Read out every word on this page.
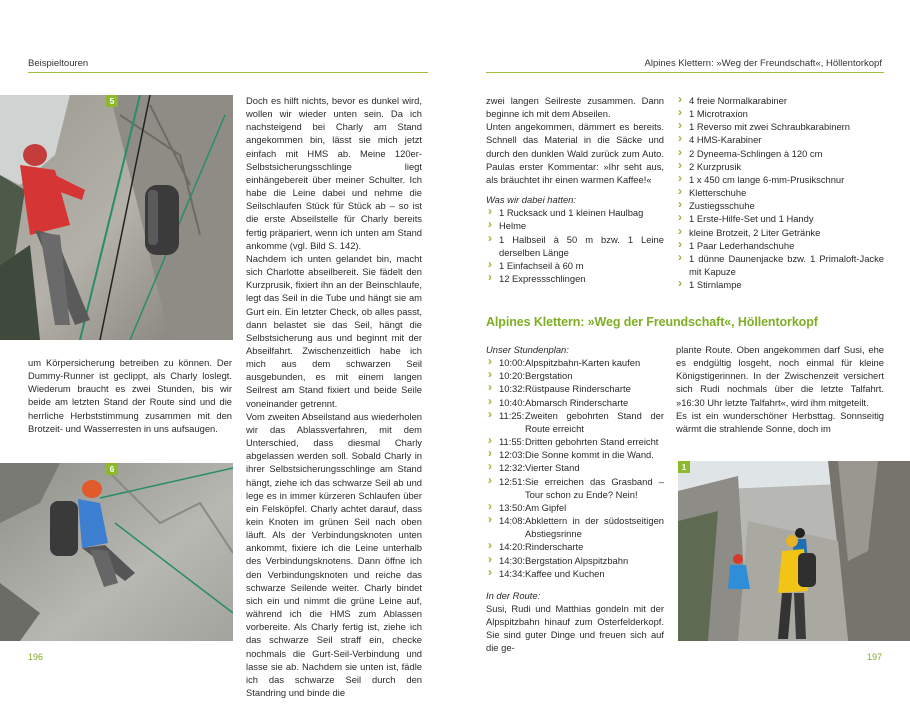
Beispieltouren	Alpines Klettern: »Weg der Freundschaft«, Höllentorkopf
5
6	1

um Körpersicherung betreiben zu können. Der Dummy-Runner ist geclippt, als Charly loslegt. Wiederum braucht es zwei Stunden, bis wir beide am letzten Stand der Route sind und die herrliche Herbststimmung zusammen mit den Brotzeit- und Wasserresten in uns aufsaugen.

Doch es hilft nichts, bevor es dunkel wird, wollen wir wieder unten sein. Da ich nachsteigend bei Charly am Stand angekommen bin, lässt sie mich jetzt einfach mit HMS ab. Meine 120er-Selbstsicherungsschlinge liegt einhängebereit über meiner Schulter. Ich habe die Leine dabei und nehme die Seilschlaufen Stück für Stück ab – so ist die erste Abseilstelle für Charly bereits fertig präpariert, wenn ich unten am Stand ankomme (vgl. Bild S. 142).

Nachdem ich unten gelandet bin, macht sich Charlotte abseilbereit. Sie fädelt den Kurzprusik, fixiert ihn an der Beinschlaufe, legt das Seil in die Tube und hängt sie am Gurt ein. Ein letzter Check, ob alles passt, dann belastet sie das Seil, hängt die Selbstsicherung aus und beginnt mit der Abseilfahrt. Zwischenzeitlich habe ich mich aus dem schwarzen Seil ausgebunden, es mit einem langen Seilrest am Stand fixiert und beide Seile voneinander getrennt.

Vom zweiten Abseilstand aus wiederholen wir das Ablassverfahren, mit dem Unterschied, dass diesmal Charly abgelassen werden soll. Sobald Charly in ihrer Selbstsicherungsschlinge am Stand hängt, ziehe ich das schwarze Seil ab und lege es in immer kürzeren Schlaufen über ein Felsköpfel. Charly achtet darauf, dass kein Knoten im grünen Seil nach oben läuft. Als der Verbindungsknoten unten ankommt, fixiere ich die Leine unterhalb des Verbindungsknotens. Dann öffne ich den Verbindungsknoten und reiche das schwarze Seilende weiter. Charly bindet sich ein und nimmt die grüne Leine auf, während ich die HMS zum Ablassen vorbereite. Als Charly fertig ist, ziehe ich das schwarze Seil straff ein, checke nochmals die Gurt-Seil-Verbindung und lasse sie ab. Nachdem sie unten ist, fädle ich das schwarze Seil durch den Standring und binde die

zwei langen Seilreste zusammen. Dann beginne ich mit dem Abseilen.

Unten angekommen, dämmert es bereits. Schnell das Material in die Säcke und durch den dunklen Wald zurück zum Auto. Paulas erster Kommentar: »Ihr seht aus, als bräuchtet ihr einen warmen Kaffee!«

Was wir dabei hatten:

› 1 Rucksack und 1 kleinen Haulbag
› Helme
› 1 Halbseil à 50 m bzw. 1 Leine derselben Länge
› 1 Einfachseil à 60 m
› 12 Expressschlingen
› 4 freie Normalkarabiner
› 1 Microtraxion
› 1 Reverso mit zwei Schraubkarabinern
› 4 HMS-Karabiner
› 2 Dyneema-Schlingen à 120 cm
› 2 Kurzprusik
› 1 x 450 cm lange 6-mm-Prusikschnur
› Kletterschuhe
› Zustiegsschuhe
› 1 Erste-Hilfe-Set und 1 Handy
› kleine Brotzeit, 2 Liter Getränke
› 1 Paar Lederhandschuhe
› 1 dünne Daunenjacke bzw. 1 Primaloft-Jacke mit Kapuze
› 1 Stirnlampe
Alpines Klettern: »Weg der Freundschaft«, Höllentorkopf

Unser Stundenplan:

› 10:00:Alpspitzbahn-Karten kaufen
› 10:20:Bergstation
› 10:32:Rüstpause Rinderscharte
› 10:40:Abmarsch Rinderscharte
› 11:25: Zweiten gebohrten Stand der Route erreicht
› 11:55:Dritten gebohrten Stand erreicht
› 12:03:Die Sonne kommt in die Wand.
› 12:32:Vierter Stand
› 12:51: Sie erreichen das Grasband – Tour schon zu Ende? Nein!
› 13:50:Am Gipfel
› 14:08: Abklettern in der südostseitigen Abstiegsrinne
› 14:20:Rinderscharte
› 14:30:Bergstation Alpspitzbahn
› 14:34:Kaffee und Kuchen

In der Route:

Susi, Rudi und Matthias gondeln mit der Alpspitzbahn hinauf zum Osterfelderkopf. Sie sind guter Dinge und freuen sich auf die ge-

plante Route. Oben angekommen darf Susi, ehe es endgültig losgeht, noch einmal für kleine Königstigerinnen. In der Zwischenzeit versichert sich Rudi nochmals über die letzte Talfahrt. »16:30 Uhr letzte Talfahrt«, wird ihm mitgeteilt.

Es ist ein wunderschöner Herbsttag. Sonnseitig wärmt die strahlende Sonne, doch im

196	197
